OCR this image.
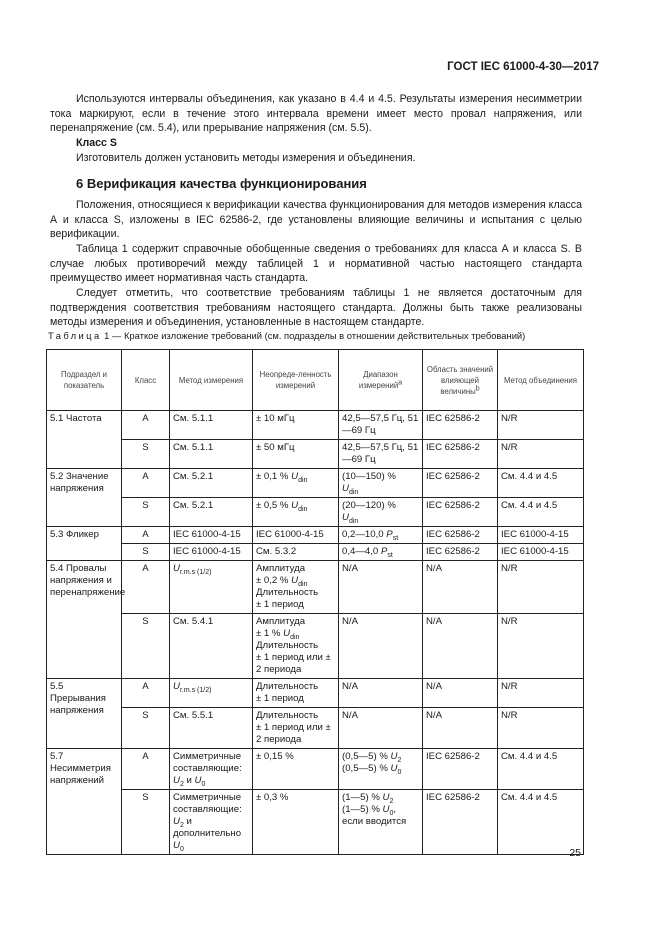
ГОСТ IEC 61000-4-30—2017
Используются интервалы объединения, как указано в 4.4 и 4.5. Результаты измерения несимметрии тока маркируют, если в течение этого интервала времени имеет место провал напряжения, или перенапряжение (см. 5.4), или прерывание напряжения (см. 5.5).
Класс S
Изготовитель должен установить методы измерения и объединения.
6 Верификация качества функционирования
Положения, относящиеся к верификации качества функционирования для методов измерения класса А и класса S, изложены в IEC 62586-2, где установлены влияющие величины и испытания с целью верификации.
Таблица 1 содержит справочные обобщенные сведения о требованиях для класса А и класса S. В случае любых противоречий между таблицей 1 и нормативной частью настоящего стандарта преимущество имеет нормативная часть стандарта.
Следует отметить, что соответствие требованиям таблицы 1 не является достаточным для подтверждения соответствия требованиям настоящего стандарта. Должны быть также реализованы методы измерения и объединения, установленные в настоящем стандарте.
Таблица 1 — Краткое изложение требований (см. подразделы в отношении действительных требований)
Подраздел и показатель	Класс	Метод измерения	Неопреде-ленность измерений	Диапазон измерений$^a$	Область значений влияющей величины$^b$	Метод объединения
5.1 Частота	A	См. 5.1.1	± 10 мГц	42,5—57,5 Гц, 51—69 Гц	IEC 62586-2	N/R
	S	См. 5.1.1	± 50 мГц	42,5—57,5 Гц, 51—69 Гц	IEC 62586-2	N/R
5.2 Значение напряжения	A	См. 5.2.1	± 0,1 % $U_{din}$	(10—150) %
$U_{din}$	IEC 62586-2	См. 4.4 и 4.5
	S	См. 5.2.1	± 0,5 % $U_{din}$	(20—120) %
$U_{din}$	IEC 62586-2	См. 4.4 и 4.5
5.3 Фликер	A	IEC 61000-4-15	IEC 61000-4-15	0,2—10,0 $P_{st}$	IEC 62586-2	IEC 61000-4-15
	S	IEC 61000-4-15	См. 5.3.2	0,4—4,0 $P_{st}$	IEC 62586-2	IEC 61000-4-15
5.4 Провалы напряжения и перенапряжение	A	$U_{r.m.s (1/2)}$	Амплитуда
± 0,2 % $U_{din}$
Длительность
± 1 период	N/A	N/A	N/R
	S	См. 5.4.1	Амплитуда
± 1 % $U_{din}$
Длительность
± 1 период или ± 2 периода	N/A	N/A	N/R
5.5 Прерывания напряжения	A	$U_{r.m.s (1/2)}$	Длительность
± 1 период	N/A	N/A	N/R
	S	См. 5.5.1	Длительность
± 1 период или ± 2 периода	N/A	N/A	N/R
5.7 Несимметрия напряжений	A	Симметричные составляющие:
$U_2$ и $U_0$	± 0,15 %	(0,5—5) % $U_2$
(0,5—5) % $U_0$	IEC 62586-2	См. 4.4 и 4.5
	S	Симметричные составляющие:
$U_2$ и дополнительно $U_0$	± 0,3 %	(1—5) % $U_2$
(1—5) % $U_0$,
если вводится	IEC 62586-2	См. 4.4 и 4.5
25
